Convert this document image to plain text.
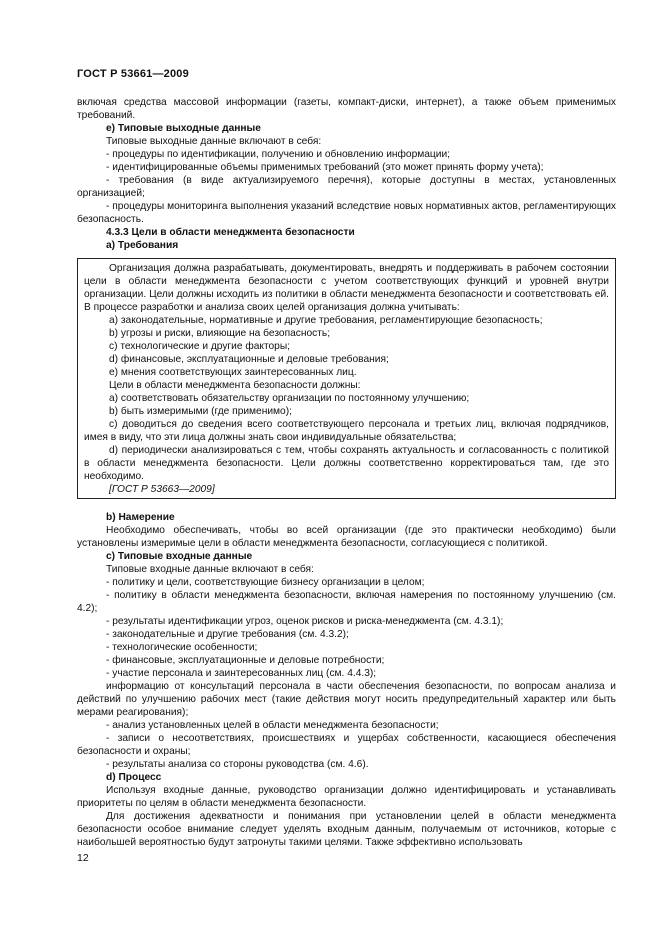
ГОСТ Р 53661—2009

включая средства массовой информации (газеты, компакт-диски, интернет), а также объем применимых требований.

е) Типовые выходные данные

Типовые выходные данные включают в себя:

- процедуры по идентификации, получению и обновлению информации;

- идентифицированные объемы применимых требований (это может принять форму учета);

- требования (в виде актуализируемого перечня), которые доступны в местах, установленных организацией;

- процедуры мониторинга выполнения указаний вследствие новых нормативных актов, регламентирующих безопасность.

4.3.3 Цели в области менеджмента безопасности

а) Требования

Организация должна разрабатывать, документировать, внедрять и поддерживать в рабочем состоянии цели в области менеджмента безопасности с учетом соответствующих функций и уровней внутри организации. Цели должны исходить из политики в области менеджмента безопасности и соответствовать ей. В процессе разработки и анализа своих целей организация должна учитывать:

а) законодательные, нормативные и другие требования, регламентирующие безопасность;

b) угрозы и риски, влияющие на безопасность;

c) технологические и другие факторы;

d) финансовые, эксплуатационные и деловые требования;

е) мнения соответствующих заинтересованных лиц.

Цели в области менеджмента безопасности должны:

а) соответствовать обязательству организации по постоянному улучшению;

b) быть измеримыми (где применимо);

c) доводиться до сведения всего соответствующего персонала и третьих лиц, включая подрядчиков, имея в виду, что эти лица должны знать свои индивидуальные обязательства;

d) периодически анализироваться с тем, чтобы сохранять актуальность и согласованность с политикой в области менеджмента безопасности. Цели должны соответственно корректироваться там, где это необходимо.

[ГОСТ Р 53663—2009]

b) Намерение

Необходимо обеспечивать, чтобы во всей организации (где это практически необходимо) были установлены измеримые цели в области менеджмента безопасности, согласующиеся с политикой.

c) Типовые входные данные

Типовые входные данные включают в себя:

- политику и цели, соответствующие бизнесу организации в целом;

- политику в области менеджмента безопасности, включая намерения по постоянному улучшению (см. 4.2);

- результаты идентификации угроз, оценок рисков и риска-менеджмента (см. 4.3.1);

- законодательные и другие требования (см. 4.3.2);

- технологические особенности;

- финансовые, эксплуатационные и деловые потребности;

- участие персонала и заинтересованных лиц (см. 4.4.3);

информацию от консультаций персонала в части обеспечения безопасности, по вопросам анализа и действий по улучшению рабочих мест (такие действия могут носить предупредительный характер или быть мерами реагирования);

- анализ установленных целей в области менеджмента безопасности;

- записи о несоответствиях, происшествиях и ущербах собственности, касающиеся обеспечения безопасности и охраны;

- результаты анализа со стороны руководства (см. 4.6).

d) Процесс

Используя входные данные, руководство организации должно идентифицировать и устанавливать приоритеты по целям в области менеджмента безопасности.

Для достижения адекватности и понимания при установлении целей в области менеджмента безопасности особое внимание следует уделять входным данным, получаемым от источников, которые с наибольшей вероятностью будут затронуты такими целями. Также эффективно использовать

12
